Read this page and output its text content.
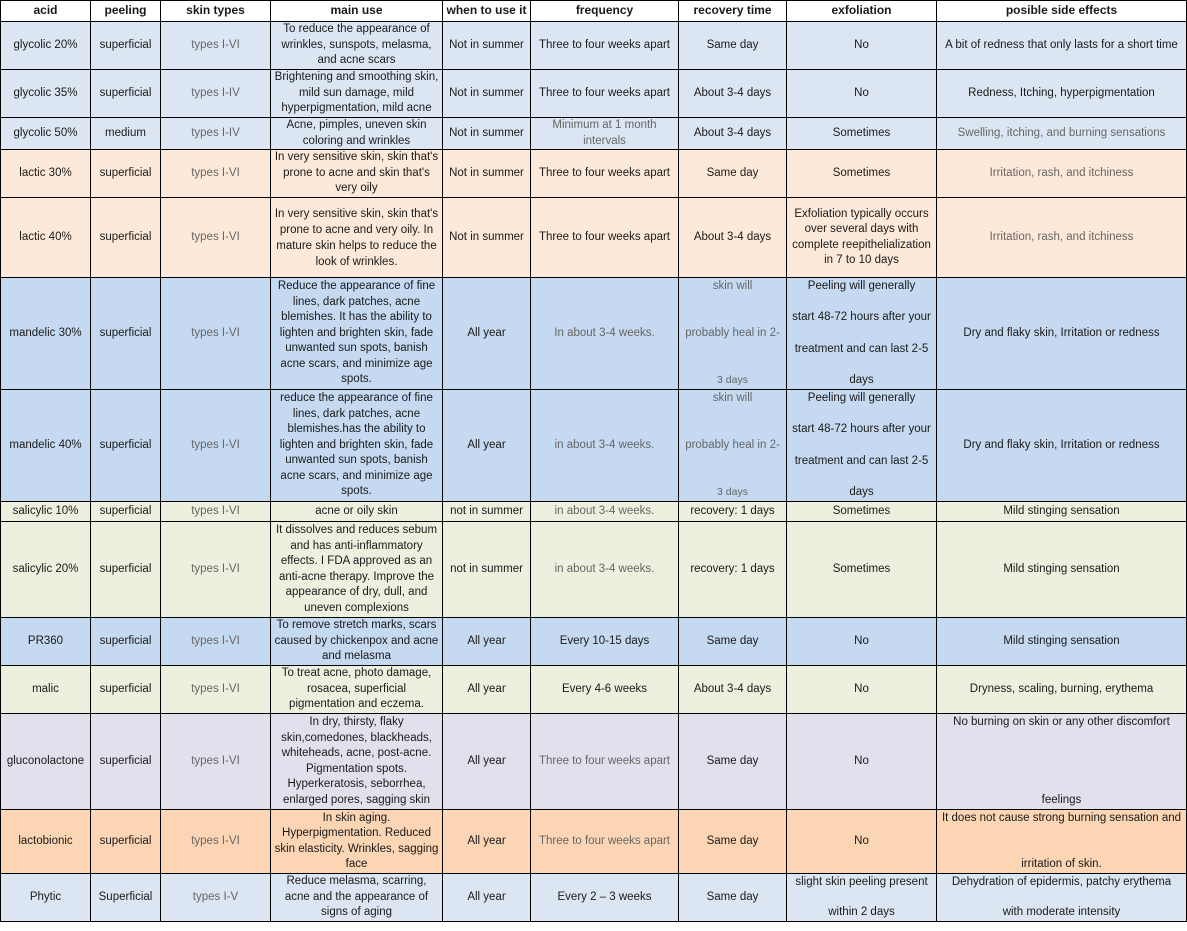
acid	peeling	skin types	main use	when to use it	frequency	recovery time	exfoliation	posible side effects
glycolic 20%	superficial	types I-VI	To reduce the appearance of wrinkles, sunspots, melasma, and acne scars	Not in summer	Three to four weeks apart	Same day	No	A bit of redness that only lasts for a short time
glycolic 35%	superficial	types I-IV	Brightening and smoothing skin, mild sun damage, mild hyperpigmentation, mild acne	Not in summer	Three to four weeks apart	About 3-4 days	No	Redness, Itching, hyperpigmentation
glycolic 50%	medium	types I-IV	Acne, pimples, uneven skin coloring and wrinkles	Not in summer	Minimum at 1 month intervals	About 3-4 days	Sometimes	Swelling, itching, and burning sensations
lactic 30%	superficial	types I-VI	In very sensitive skin, skin that's prone to acne and skin that's very oily	Not in summer	Three to four weeks apart	Same day	Sometimes	Irritation, rash, and itchiness
lactic 40%	superficial	types I-VI	In very sensitive skin, skin that's prone to acne and very oily. In mature skin helps to reduce the look of wrinkles.	Not in summer	Three to four weeks apart	About 3-4 days	Exfoliation typically occurs over several days with complete reepithelialization in 7 to 10 days	Irritation, rash, and itchiness
mandelic 30%	superficial	types I-VI	Reduce the appearance of fine lines, dark patches, acne blemishes. It has the ability to lighten and brighten skin, fade unwanted sun spots, banish acne scars, and minimize age spots.	All year	In about 3-4 weeks.	skin will
probably heal in 2-
3 days	Peeling will generally
start 48-72 hours after your
treatment and can last 2-5
days	Dry and flaky skin, Irritation or redness
mandelic 40%	superficial	types I-VI	reduce the appearance of fine lines, dark patches, acne blemishes.has the ability to lighten and brighten skin, fade unwanted sun spots, banish acne scars, and minimize age spots.	All year	in about 3-4 weeks.	skin will
probably heal in 2-
3 days	Peeling will generally
start 48-72 hours after your
treatment and can last 2-5
days	Dry and flaky skin, Irritation or redness
salicylic 10%	superficial	types I-VI	acne or oily skin	not in summer	in about 3-4 weeks.	recovery: 1 days	Sometimes	Mild stinging sensation
salicylic 20%	superficial	types I-VI	It dissolves and reduces sebum and has anti-inflammatory effects. I FDA approved as an anti-acne therapy. Improve the appearance of dry, dull, and uneven complexions	not in summer	in about 3-4 weeks.	recovery: 1 days	Sometimes	Mild stinging sensation
PR360	superficial	types I-VI	To remove stretch marks, scars caused by chickenpox and acne and melasma	All year	Every 10-15 days	Same day	No	Mild stinging sensation
malic	superficial	types I-VI	To treat acne, photo damage, rosacea, superficial pigmentation and eczema.	All year	Every 4-6 weeks	About 3-4 days	No	Dryness, scaling, burning, erythema
gluconolactone	superficial	types I-VI	In dry, thirsty, flaky skin,comedones, blackheads, whiteheads, acne, post-acne. Pigmentation spots. Hyperkeratosis, seborrhea, enlarged pores, sagging skin	All year	Three to four weeks apart	Same day	No	No burning on skin or any other discomfort
feelings

lactobionic	superficial	types I-VI	In skin aging. Hyperpigmentation. Reduced skin elasticity. Wrinkles, sagging face	All year	Three to four weeks apart	Same day	No	It does not cause strong burning sensation and
irritation of skin.

Phytic	Superficial	types I-V	Reduce melasma, scarring, acne and the appearance of signs of aging	All year	Every 2 – 3 weeks	Same day	slight skin peeling present
within 2 days	Dehydration of epidermis, patchy erythema
with moderate intensity
